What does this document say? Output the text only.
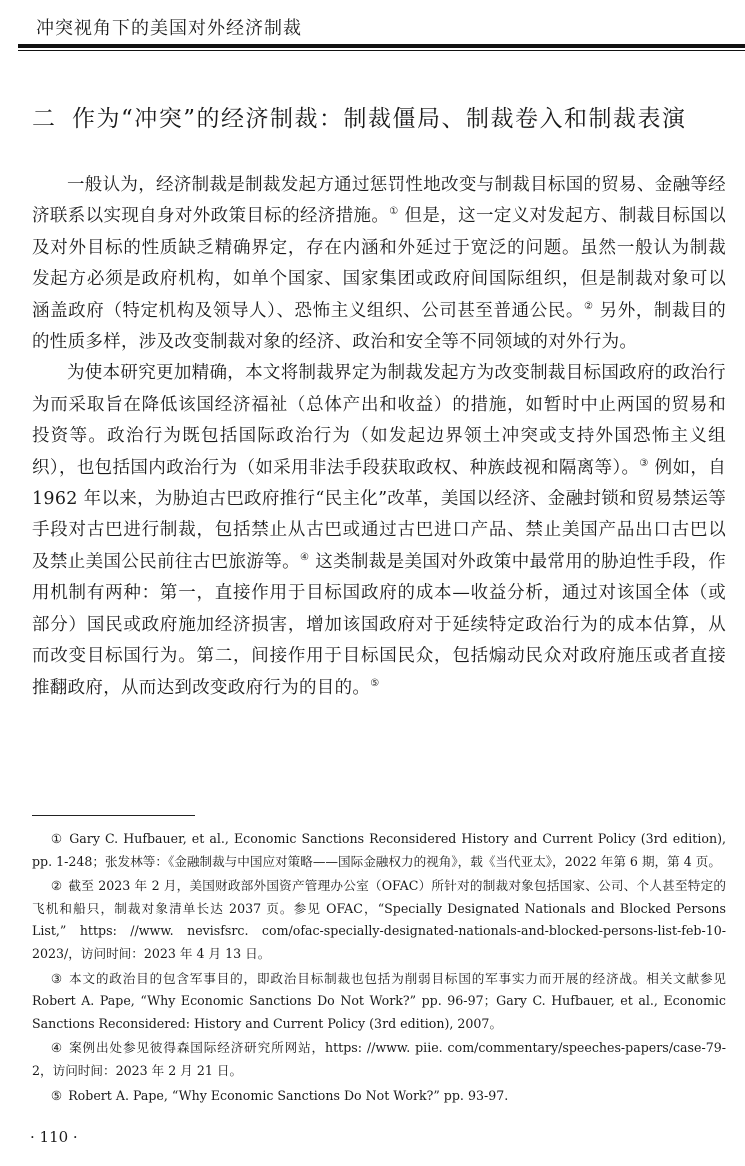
冲突视角下的美国对外经济制裁
二 作为“冲突”的经济制裁：制裁僵局、制裁卷入和制裁表演

一般认为，经济制裁是制裁发起方通过惩罚性地改变与制裁目标国的贸易、金融等经济联系以实现自身对外政策目标的经济措施。① 但是，这一定义对发起方、制裁目标国以及对外目标的性质缺乏精确界定，存在内涵和外延过于宽泛的问题。虽然一般认为制裁发起方必须是政府机构，如单个国家、国家集团或政府间国际组织，但是制裁对象可以涵盖政府（特定机构及领导人）、恐怖主义组织、公司甚至普通公民。② 另外，制裁目的的性质多样，涉及改变制裁对象的经济、政治和安全等不同领域的对外行为。

为使本研究更加精确，本文将制裁界定为制裁发起方为改变制裁目标国政府的政治行为而采取旨在降低该国经济福祉（总体产出和收益）的措施，如暂时中止两国的贸易和投资等。政治行为既包括国际政治行为（如发起边界领土冲突或支持外国恐怖主义组织），也包括国内政治行为（如采用非法手段获取政权、种族歧视和隔离等）。③ 例如，自 1962 年以来，为胁迫古巴政府推行“民主化”改革，美国以经济、金融封锁和贸易禁运等手段对古巴进行制裁，包括禁止从古巴或通过古巴进口产品、禁止美国产品出口古巴以及禁止美国公民前往古巴旅游等。④ 这类制裁是美国对外政策中最常用的胁迫性手段，作用机制有两种：第一，直接作用于目标国政府的成本—收益分析，通过对该国全体（或部分）国民或政府施加经济损害，增加该国政府对于延续特定政治行为的成本估算，从而改变目标国行为。第二，间接作用于目标国民众，包括煽动民众对政府施压或者直接推翻政府，从而达到改变政府行为的目的。⑤

① Gary C. Hufbauer, et al., Economic Sanctions Reconsidered History and Current Policy (3rd edition), pp. 1-248；张发林等：《金融制裁与中国应对策略——国际金融权力的视角》，载《当代亚太》，2022 年第 6 期，第 4 页。

② 截至 2023 年 2 月，美国财政部外国资产管理办公室（OFAC）所针对的制裁对象包括国家、公司、个人甚至特定的飞机和船只，制裁对象清单长达 2037 页。参见 OFAC，“Specially Designated Nationals and Blocked Persons List,” https: //www. nevisfsrc. com/ofac-specially-designated-nationals-and-blocked-persons-list-feb-10-2023/，访问时间：2023 年 4 月 13 日。

③ 本文的政治目的包含军事目的，即政治目标制裁也包括为削弱目标国的军事实力而开展的经济战。相关文献参见 Robert A. Pape, “Why Economic Sanctions Do Not Work?” pp. 96-97；Gary C. Hufbauer, et al., Economic Sanctions Reconsidered: History and Current Policy (3rd edition), 2007。

④ 案例出处参见彼得森国际经济研究所网站，https: //www. piie. com/commentary/speeches-papers/case-79-2，访问时间：2023 年 2 月 21 日。

⑤ Robert A. Pape, “Why Economic Sanctions Do Not Work?” pp. 93-97.

· 110 ·
